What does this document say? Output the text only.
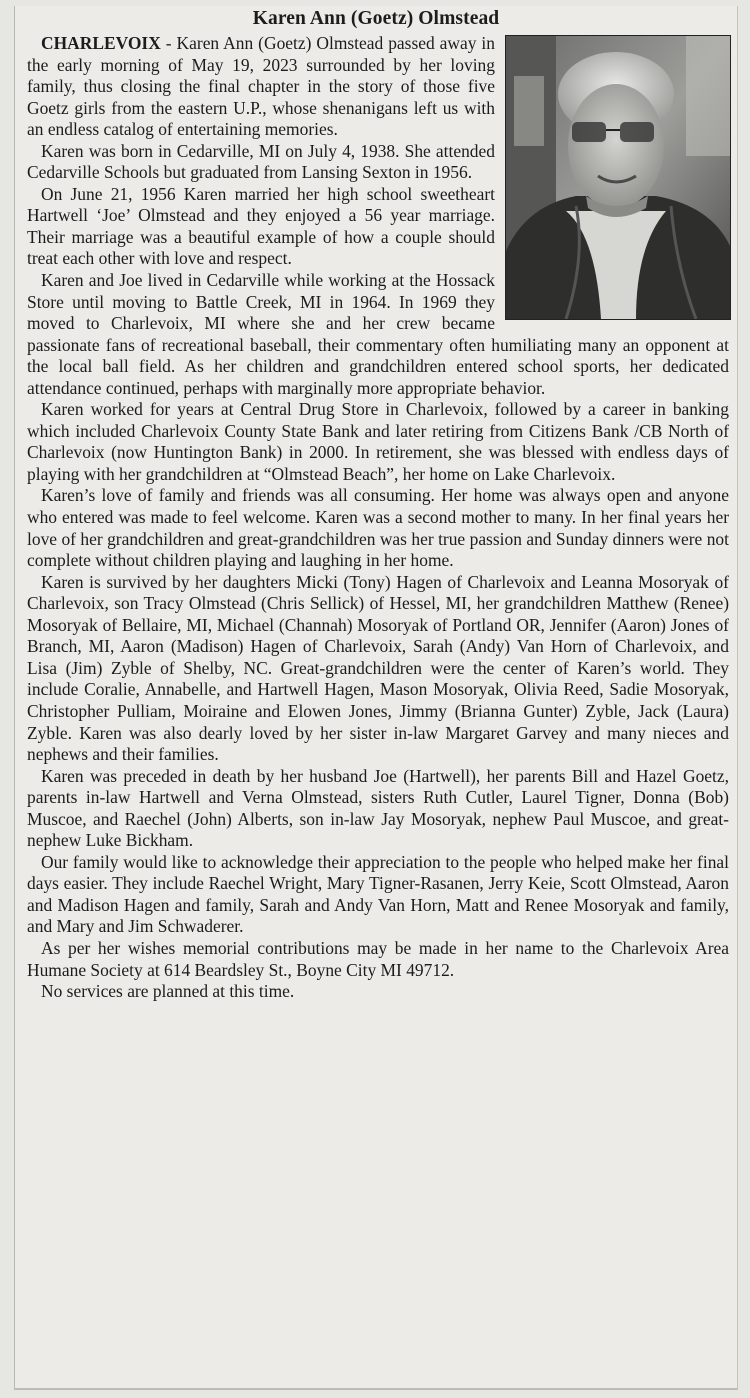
Karen Ann (Goetz) Olmstead

CHARLEVOIX - Karen Ann (Goetz) Olmstead passed away in the early morning of May 19, 2023 surrounded by her loving family, thus closing the final chapter in the story of those five Goetz girls from the eastern U.P., whose shenanigans left us with an endless catalog of entertaining memories.

Karen was born in Cedarville, MI on July 4, 1938. She attended Cedarville Schools but graduated from Lansing Sexton in 1956.

On June 21, 1956 Karen married her high school sweetheart Hartwell ‘Joe’ Olmstead and they enjoyed a 56 year marriage. Their marriage was a beautiful example of how a couple should treat each other with love and respect.

Karen and Joe lived in Cedarville while working at the Hossack Store until moving to Battle Creek, MI in 1964. In 1969 they moved to Charlevoix, MI where she and her crew became passionate fans of recreational baseball, their commentary often humiliating many an opponent at the local ball field. As her children and grandchildren entered school sports, her dedicated attendance continued, perhaps with marginally more appropriate behavior.

Karen worked for years at Central Drug Store in Charlevoix, followed by a career in banking which included Charlevoix County State Bank and later retiring from Citizens Bank /CB North of Charlevoix (now Huntington Bank) in 2000. In retirement, she was blessed with endless days of playing with her grandchildren at “Olmstead Beach”, her home on Lake Charlevoix.

Karen’s love of family and friends was all consuming. Her home was always open and anyone who entered was made to feel welcome. Karen was a second mother to many. In her final years her love of her grandchildren and great-grandchildren was her true passion and Sunday dinners were not complete without children playing and laughing in her home.

Karen is survived by her daughters Micki (Tony) Hagen of Charlevoix and Leanna Mosoryak of Charlevoix, son Tracy Olmstead (Chris Sellick) of Hessel, MI, her grandchildren Matthew (Renee) Mosoryak of Bellaire, MI, Michael (Channah) Mosoryak of Portland OR, Jennifer (Aaron) Jones of Branch, MI, Aaron (Madison) Hagen of Charlevoix, Sarah (Andy) Van Horn of Charlevoix, and Lisa (Jim) Zyble of Shelby, NC. Great-grandchildren were the center of Karen’s world. They include Coralie, Annabelle, and Hartwell Hagen, Mason Mosoryak, Olivia Reed, Sadie Mosoryak, Christopher Pulliam, Moiraine and Elowen Jones, Jimmy (Brianna Gunter) Zyble, Jack (Laura) Zyble. Karen was also dearly loved by her sister in-law Margaret Garvey and many nieces and nephews and their families.

Karen was preceded in death by her husband Joe (Hartwell), her parents Bill and Hazel Goetz, parents in-law Hartwell and Verna Olmstead, sisters Ruth Cutler, Laurel Tigner, Donna (Bob) Muscoe, and Raechel (John) Alberts, son in-law Jay Mosoryak, nephew Paul Muscoe, and great-nephew Luke Bickham.

Our family would like to acknowledge their appreciation to the people who helped make her final days easier. They include Raechel Wright, Mary Tigner-Rasanen, Jerry Keie, Scott Olmstead, Aaron and Madison Hagen and family, Sarah and Andy Van Horn, Matt and Renee Mosoryak and family, and Mary and Jim Schwaderer.

As per her wishes memorial contributions may be made in her name to the Charlevoix Area Humane Society at 614 Beardsley St., Boyne City MI 49712.

No services are planned at this time.
